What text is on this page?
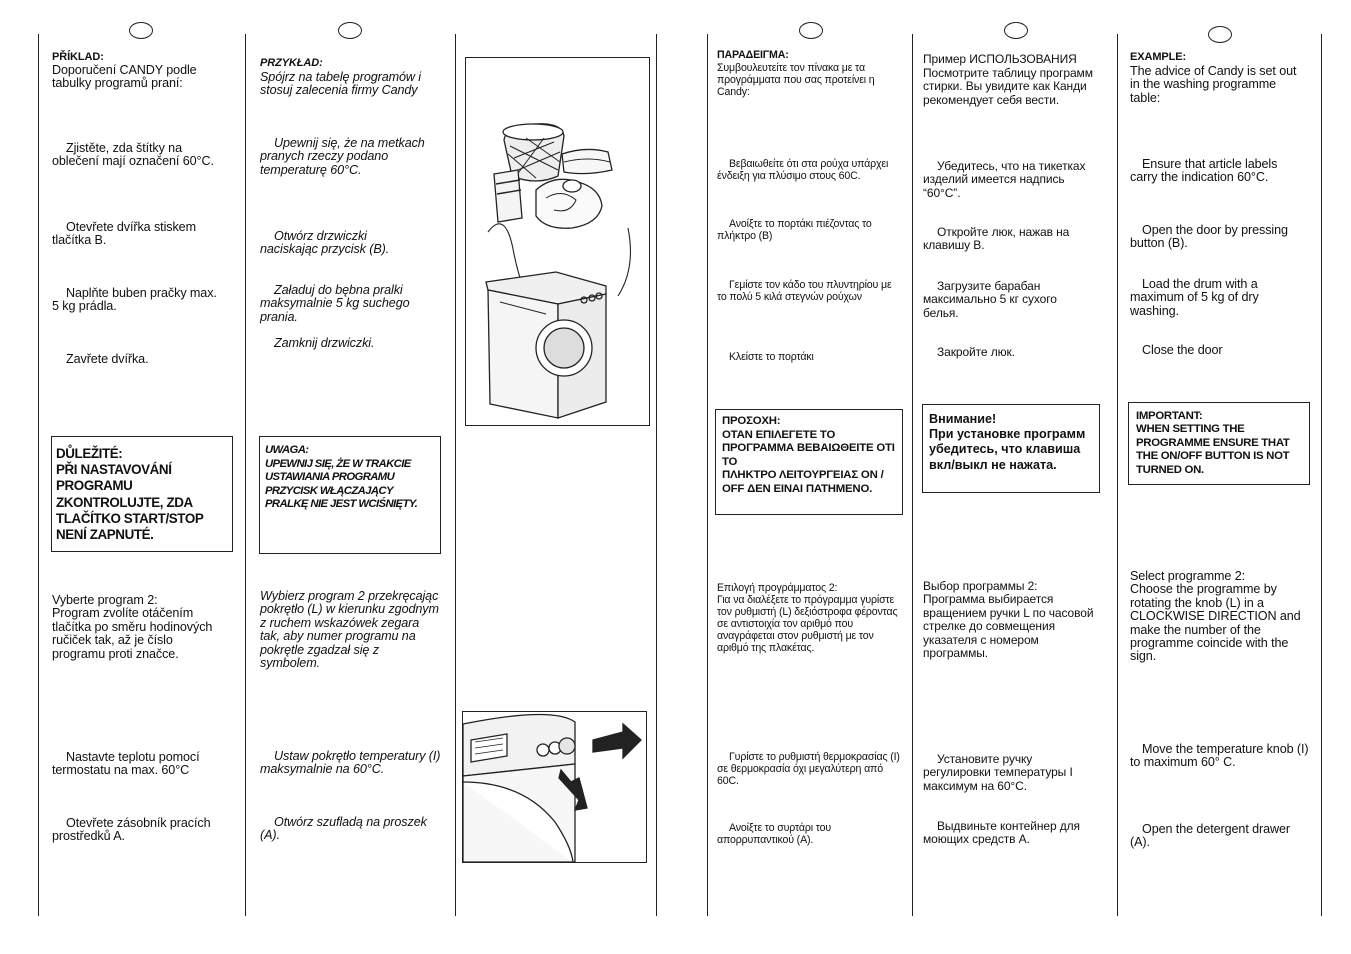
PŘÍKLAD:
Doporučení CANDY podle tabulky programů praní:
Zjistěte, zda štítky na oblečení mají označení 60°C.
Otevřete dvířka stiskem tlačítka B.
Naplňte buben pračky max. 5 kg prádla.
Zavřete dvířka.
Vyberte program 2:
Program zvolíte otáčením tlačítka po směru hodinových ručiček tak, až je číslo programu proti značce.
Nastavte teplotu pomocí termostatu na max. 60°C
Otevřete zásobník pracích prostředků A.
DŮLEŽITÉ:
PŘI NASTAVOVÁNÍ PROGRAMU ZKONTROLUJTE, ZDA TLAČÍTKO START/STOP NENÍ ZAPNUTÉ.
PRZYKŁAD:
Spójrz na tabelę programów i stosuj zalecenia firmy Candy
Upewnij się, że na metkach pranych rzeczy podano temperaturę 60°C.
Otwórz drzwiczki naciskając przycisk (B).
Załaduj do bębna pralki maksymalnie 5 kg suchego prania.
Zamknij drzwiczki.
Wybierz program 2 przekręcając pokrętło (L) w kierunku zgodnym z ruchem wskazówek zegara tak, aby numer programu na pokrętle zgadzał się z symbolem.
Ustaw pokrętło temperatury (I) maksymalnie na 60°C.
Otwórz szufladą na proszek (A).
UWAGA:
UPEWNIJ SIĘ, ŻE W TRAKCIE USTAWIANIA PROGRAMU PRZYCISK WŁĄCZAJĄCY PRALKĘ NIE JEST WCIŚNIĘTY.
ΠΑΡΑΔΕΙΓΜΑ:
Συμβουλευτείτε τον πίνακα με τα προγράμματα που σας προτείνει η Candy:
Βεβαιωθείτε ότι στα ρούχα υπάρχει ένδειξη για πλύσιμο στους 60C.
Ανοίξτε το πορτάκι πιέζοντας το πλήκτρο (B)
Γεμίστε τον κάδο του πλυντηρίου με το πολύ 5 κιλά στεγνών ρούχων
Κλείστε το πορτάκι
Επιλογή προγράμματος 2:
Για να διαλέξετε το πρόγραμμα γυρίστε τον ρυθμιστή (L) δεξιόστροφα φέροντας σε αντιστοιχία τον αριθμό που αναγράφεται στον ρυθμιστή με τον αριθμό της πλακέτας.
Γυρίστε το ρυθμιστή θερμοκρασίας (I) σε θερμοκρασία όχι μεγαλύτερη από 60C.
Ανοίξτε το συρτάρι του απορρυπαντικού (A).
ΠΡΟΣΟΧΗ:
ΟΤΑΝ ΕΠΙΛΕΓΕΤΕ ΤΟ ΠΡΟΓΡΑΜΜΑ ΒΕΒΑΙΩΘΕΙΤΕ ΟΤΙ ΤΟ
ΠΛΗΚΤΡΟ ΛΕΙΤΟΥΡΓΕΙΑΣ ON / OFF ΔΕΝ ΕΙΝΑΙ ΠΑΤΗΜΕΝΟ.
Пример ИСПОЛЬЗОВАНИЯ
Посмотрите таблицу программ стирки. Вы увидите как Канди рекомендует себя вести.
Убедитесь, что на тикетках изделий имеется надпись “60°C”.
Откройте люк, нажав на клавишу B.
Загрузите барабан максимально 5 кг сухого белья.
Закройте люк.
Выбор программы 2:
Программа выбирается вращением ручки L по часовой стрелке до совмещения указателя с номером программы.
Установите ручку регулировки температуры I максимум на 60°C.
Выдвиньте контейнер для моющих средств A.
Внимание!
При установке программ убедитесь, что клавиша вкл/выкл не нажата.
EXAMPLE:
The advice of Candy is set out in the washing programme table:
Ensure that article labels carry the indication 60°C.
Open the door by pressing button (B).
Load the drum with a maximum of 5 kg of dry washing.
Close the door
Select programme 2:
Choose the programme by rotating the knob (L) in a CLOCKWISE DIRECTION and make the number of the programme coincide with the sign.
Move the temperature knob (I) to maximum 60° C.
Open the detergent drawer (A).
IMPORTANT:
WHEN SETTING THE PROGRAMME ENSURE THAT THE ON/OFF BUTTON IS NOT TURNED ON.
